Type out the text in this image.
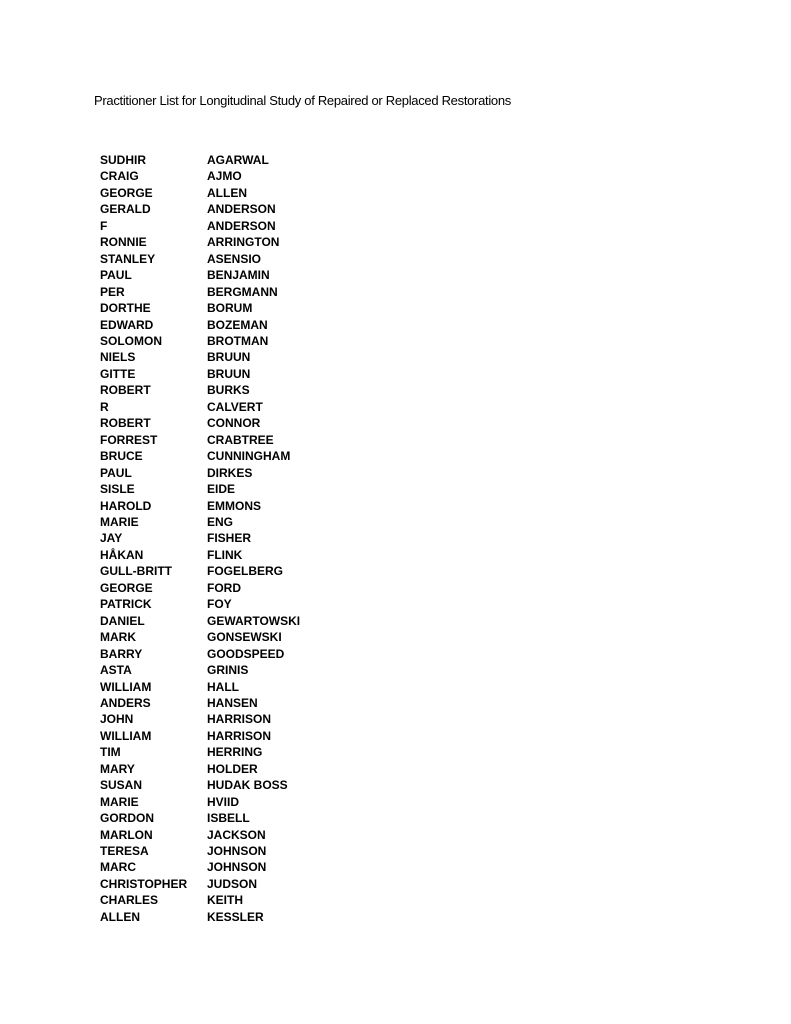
Practitioner List for Longitudinal Study of Repaired or Replaced Restorations
SUDHIR	AGARWAL
CRAIG	AJMO
GEORGE	ALLEN
GERALD	ANDERSON
F	ANDERSON
RONNIE	ARRINGTON
STANLEY	ASENSIO
PAUL	BENJAMIN
PER	BERGMANN
DORTHE	BORUM
EDWARD	BOZEMAN
SOLOMON	BROTMAN
NIELS	BRUUN
GITTE	BRUUN
ROBERT	BURKS
R	CALVERT
ROBERT	CONNOR
FORREST	CRABTREE
BRUCE	CUNNINGHAM
PAUL	DIRKES
SISLE	EIDE
HAROLD	EMMONS
MARIE	ENG
JAY	FISHER
HÅKAN	FLINK
GULL-BRITT	FOGELBERG
GEORGE	FORD
PATRICK	FOY
DANIEL	GEWARTOWSKI
MARK	GONSEWSKI
BARRY	GOODSPEED
ASTA	GRINIS
WILLIAM	HALL
ANDERS	HANSEN
JOHN	HARRISON
WILLIAM	HARRISON
TIM	HERRING
MARY	HOLDER
SUSAN	HUDAK BOSS
MARIE	HVIID
GORDON	ISBELL
MARLON	JACKSON
TERESA	JOHNSON
MARC	JOHNSON
CHRISTOPHER	JUDSON
CHARLES	KEITH
ALLEN	KESSLER
